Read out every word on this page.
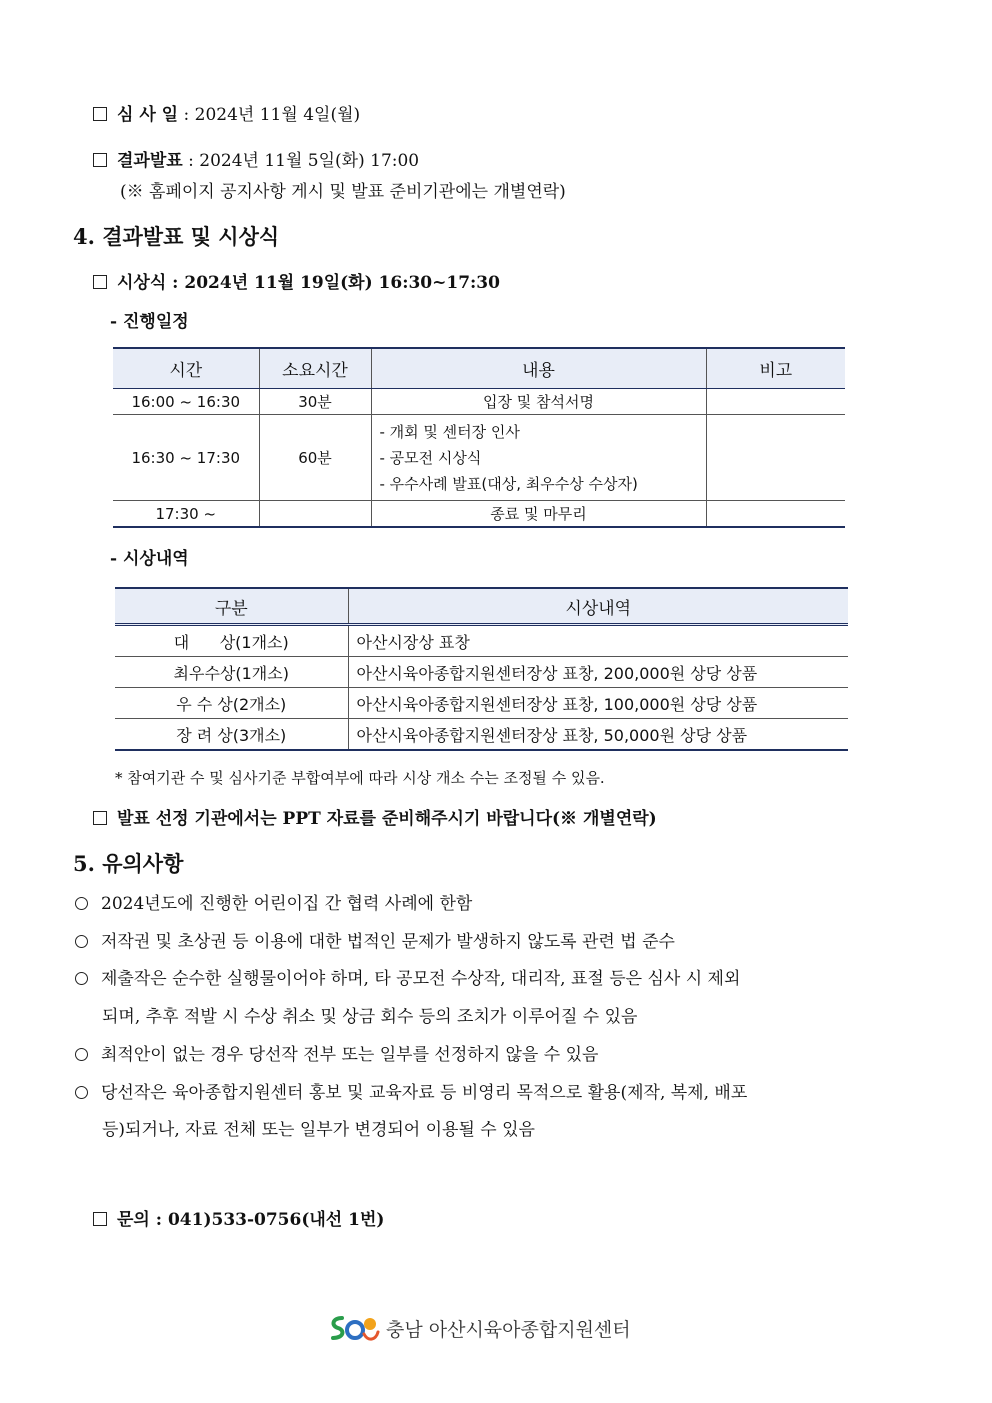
심 사 일 : 2024년 11월 4일(월)
결과발표 : 2024년 11월 5일(화) 17:00
(※ 홈페이지 공지사항 게시 및 발표 준비기관에는 개별연락)
4. 결과발표 및 시상식
시상식 : 2024년 11월 19일(화) 16:30~17:30
- 진행일정
시간	소요시간	내용	비고
16:00 ~ 16:30	30분	입장 및 참석서명	
16:30 ~ 17:30	60분	- 개회 및 센터장 인사
- 공모전 시상식
- 우수사례 발표(대상, 최우수상 수상자)	

17:30 ~		종료 및 마무리	
- 시상내역
구분	시상내역
대      상(1개소)	아산시장상 표창
최우수상(1개소)	아산시육아종합지원센터장상 표창, 200,000원 상당 상품
우 수 상(2개소)	아산시육아종합지원센터장상 표창, 100,000원 상당 상품
장 려 상(3개소)	아산시육아종합지원센터장상 표창, 50,000원 상당 상품
* 참여기관 수 및 심사기준 부합여부에 따라 시상 개소 수는 조정될 수 있음.
발표 선정 기관에서는 PPT 자료를 준비해주시기 바랍니다(※ 개별연락)
5. 유의사항
2024년도에 진행한 어린이집 간 협력 사례에 한함
저작권 및 초상권 등 이용에 대한 법적인 문제가 발생하지 않도록 관련 법 준수
제출작은 순수한 실행물이어야 하며, 타 공모전 수상작, 대리작, 표절 등은 심사 시 제외
되며, 추후 적발 시 수상 취소 및 상금 회수 등의 조치가 이루어질 수 있음
최적안이 없는 경우 당선작 전부 또는 일부를 선정하지 않을 수 있음
당선작은 육아종합지원센터 홍보 및 교육자료 등 비영리 목적으로 활용(제작, 복제, 배포
등)되거나, 자료 전체 또는 일부가 변경되어 이용될 수 있음
문의 : 041)533-0756(내선 1번)
충남 아산시육아종합지원센터
